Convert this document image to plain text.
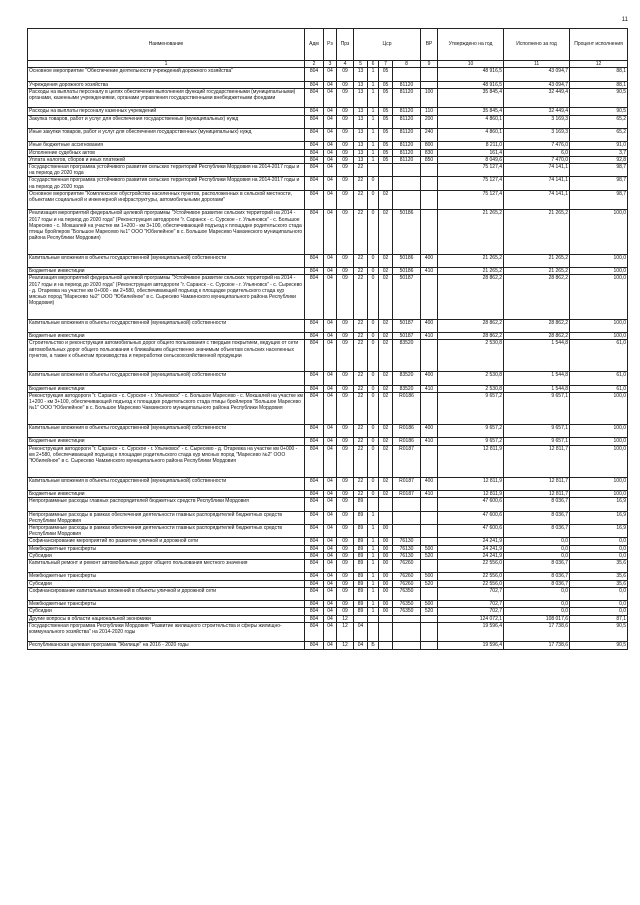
11
Наименование	Адм	Рз	Прз	Цср				ВР	Утверждено на год	Исполнено за год	Процент исполнения
1	2	3	4	5	6	7	8	9	10	11	12
Основное мероприятие "Обеспечение деятельности учреждений дорожного хозяйства"	804	04	09	13	1	05			48 916,5	43 094,7	88,1
Учреждения дорожного хозяйства	804	04	09	13	1	05	81120		48 916,5	43 094,7	88,1
Расходы на выплаты персоналу в целях обеспечения выполнения функций государственными (муниципальными) органами, казенными учреждениями, органами управления государственными внебюджетными фондами	804	04	09	13	1	05	81120	100	35 845,4	32 449,4	90,5
Расходы на выплаты персоналу казенных учреждений	804	04	09	13	1	05	81120	110	35 845,4	32 449,4	90,5
Закупка товаров, работ и услуг для обеспечения государственных (муниципальных) нужд	804	04	09	13	1	05	81120	200	4 860,1	3 169,3	65,2
Иные закупки товаров, работ и услуг для обеспечения государственных (муниципальных) нужд	804	04	09	13	1	05	81120	240	4 860,1	3 169,3	65,2
Иные бюджетные ассигнования	804	04	09	13	1	05	81120	800	8 211,0	7 476,0	91,0
Исполнение судебных актов	804	04	09	13	1	05	81120	830	161,4	6,0	3,7
Уплата налогов, сборов и иных платежей	804	04	09	13	1	05	81120	850	8 049,6	7 470,0	92,8
Государственная программа устойчивого развития сельских территорий Республики Мордовия на 2014-2017 годы и на период до 2020 года	804	04	09	22					75 127,4	74 141,1	98,7
Государственная программа устойчивого развития сельских территорий Республики Мордовия на 2014-2017 годы и на период до 2020 года	804	04	09	22	0				75 127,4	74 141,1	98,7
Основное мероприятие "Комплексное обустройство населенных пунктов, расположенных в сельской местности, объектами социальной и инженерной инфраструктуры, автомобильными дорогами"	804	04	09	22	0	02			75 127,4	74 141,1	98,7
Реализация мероприятий федеральной целевой программы "Устойчивое развитие сельских территорий на 2014 - 2017 годы и на период до 2020 года" (Реконструкция автодороги "г. Саранск - с. Сурское - г. Ульяновск" - с. Большое Маресево - с. Мокшалей на участке км 1+200 - км 3+100, обеспечивающей подъезд к площадке родительского стада птицы бройлеров "Большое Маресево №1" ООО "Юбилейное" в с. Большое Маресево Чамзинского муниципального района Республики Мордовия)	804	04	09	22	0	02	50186		21 265,2	21 265,2	100,0
Капитальные вложения в объекты государственной (муниципальной) собственности	804	04	09	22	0	02	50186	400	21 265,2	21 265,2	100,0
Бюджетные инвестиции	804	04	09	22	0	02	50186	410	21 265,2	21 265,2	100,0
Реализация мероприятий федеральной целевой программы "Устойчивое развитие сельских территорий на 2014 - 2017 годы и на период до 2020 года" (Реконструкция автодороги "г. Саранск - с. Сурское - г. Ульяновск" - с. Сыресево - д. Отаревка на участке км 0+000 - км 2+580, обеспечивающей подъезд к площадке родительского стада кур мясных пород "Маресево №2" ООО "Юбилейное" в с. Сыресево Чамзинского муниципального района Республики Мордовия)	804	04	09	22	0	02	50187		28 862,2	28 862,2	100,0
Капитальные вложения в объекты государственной (муниципальной) собственности	804	04	09	22	0	02	50187	400	28 862,2	28 862,2	100,0
Бюджетные инвестиции	804	04	09	22	0	02	50187	410	28 862,2	28 862,2	100,0
Строительство и реконструкция автомобильных дорог общего пользования с твердым покрытием, ведущих от сети автомобильных дорог общего пользования к ближайшим общественно значимым объектам сельских населенных пунктов, а также к объектам производства и переработки сельскохозяйственной продукции	804	04	09	22	0	02	83520		2 530,8	1 544,8	61,0
Капитальные вложения в объекты государственной (муниципальной) собственности	804	04	09	22	0	02	83520	400	2 530,8	1 544,8	61,0
Бюджетные инвестиции	804	04	09	22	0	02	83520	410	2 530,8	1 544,8	61,0
Реконструкция автодороги "г. Саранск - с. Сурское - г. Ульяновск" - с. Большое Маресево - с. Мокшалей на участке км 1+200 - км 3+100, обеспечивающей подъезд к площадке родительского стада птицы бройлеров "Большое Маресево №1" ООО "Юбилейное" в с. Большое Маресево Чамзинского муниципального района Республики Мордовия	804	04	09	22	0	02	R0186		9 657,2	9 657,1	100,0
Капитальные вложения в объекты государственной (муниципальной) собственности	804	04	09	22	0	02	R0186	400	9 657,2	9 657,1	100,0
Бюджетные инвестиции	804	04	09	22	0	02	R0186	410	9 657,2	9 657,1	100,0
Реконструкция автодороги "г. Саранск - с. Сурское - г. Ульяновск" - с. Сыресево - д. Отаревка на участке км 0+000 - км 2+580, обеспечивающей подъезд к площадке родительского стада кур мясных пород "Маресево №2" ООО "Юбилейное" в с. Сыресево Чамзинского муниципального района Республики Мордовия	804	04	09	22	0	02	R0187		12 811,9	12 811,7	100,0
Капитальные вложения в объекты государственной (муниципальной) собственности	804	04	09	22	0	02	R0187	400	12 811,9	12 811,7	100,0
Бюджетные инвестиции	804	04	09	22	0	02	R0187	410	12 811,9	12 811,7	100,0
Непрограммные расходы главных распорядителей бюджетных средств Республики Мордовия	804	04	09	89					47 600,6	8 036,7	16,9
Непрограммные расходы в рамках обеспечения деятельности главных распорядителей бюджетных средств Республики Мордовия	804	04	09	89	1				47 600,6	8 036,7	16,9
Непрограммные расходы в рамках обеспечения деятельности главных распорядителей бюджетных средств Республики Мордовия	804	04	09	89	1	00			47 600,6	8 036,7	16,9
Софинансирование мероприятий по развитию уличной и дорожной сети	804	04	09	89	1	00	76130		24 241,9	0,0	0,0
Межбюджетные трансферты	804	04	09	89	1	00	76130	500	24 241,9	0,0	0,0
Субсидии	804	04	09	89	1	00	76130	520	24 241,9	0,0	0,0
Капитальный ремонт и ремонт автомобильных дорог общего пользования местного значения	804	04	09	89	1	00	76260		22 556,0	8 036,7	35,6
Межбюджетные трансферты	804	04	09	89	1	00	76260	500	22 556,0	8 036,7	35,6
Субсидии	804	04	09	89	1	00	76260	520	22 556,0	8 036,7	35,6
Софинансирование капитальных вложений в объекты уличной и дорожной сети	804	04	09	89	1	00	76350		702,7	0,0	0,0
Межбюджетные трансферты	804	04	09	89	1	00	76350	500	702,7	0,0	0,0
Субсидии	804	04	09	89	1	00	76350	520	702,7	0,0	0,0
Другие вопросы в области национальной экономики	804	04	12						124 072,1	108 017,6	87,1
Государственная программа Республики Мордовия "Развитие жилищного строительства и сферы жилищно-коммунального хозяйства" на 2014-2020 годы	804	04	12	04					19 596,4	17 738,6	90,5
Республиканская целевая программа "Жилище" на 2016 - 2020 годы	804	04	12	04	Б				19 596,4	17 738,6	90,5
